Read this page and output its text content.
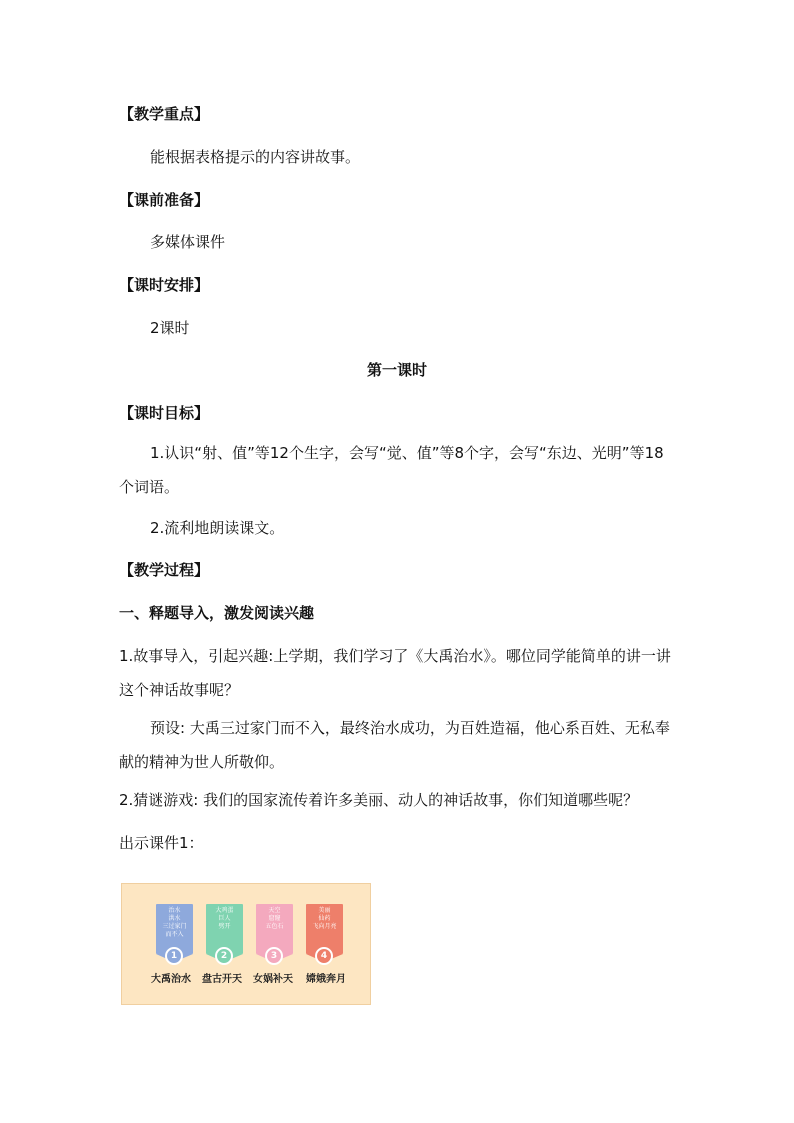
【教学重点】
能根据表格提示的内容讲故事。
【课前准备】
多媒体课件
【课时安排】
2课时
第一课时
【课时目标】
1.认识“射、值”等12个生字，会写“觉、值”等8个字，会写“东边、光明”等18个词语。
2.流利地朗读课文。
【教学过程】
一、释题导入，激发阅读兴趣
1.故事导入，引起兴趣:上学期，我们学习了《大禹治水》。哪位同学能简单的讲一讲这个神话故事呢？
预设: 大禹三过家门而不入，最终治水成功，为百姓造福，他心系百姓、无私奉献的精神为世人所敬仰。
2.猜谜游戏: 我们的国家流传着许多美丽、动人的神话故事，你们知道哪些呢？
出示课件1：
治水
洪水
三过家门
而不入
1
大禹治水
大鸡蛋
巨人
劈开
2
盘古开天
天空
窟窿
五色石
3
女娲补天
美丽
仙药
飞向月亮
4
嫦娥奔月
